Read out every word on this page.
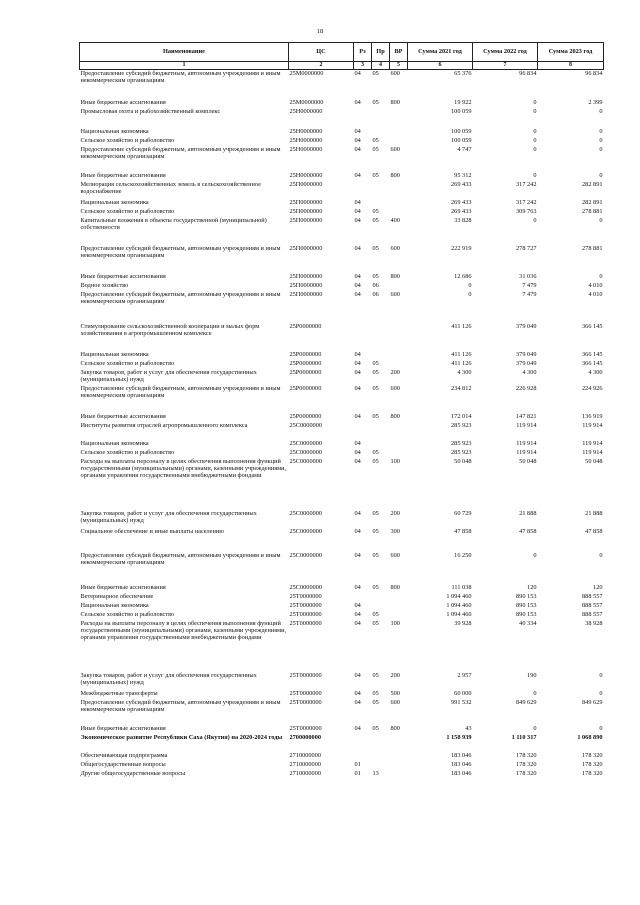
18
Наименование	ЦС	Рз	Пр	ВР	Сумма 2021 год	Сумма 2022 год	Сумма 2023 год
1	2	3	4	5	6	7	8
Предоставление субсидий бюджетным, автономным учреждениям и иным некоммерческим организациям	25М0000000	04	05	600	65 376	96 834	96 834
Иные бюджетные ассигнования	25М0000000	04	05	800	19 922	0	2 399
Промысловая охота и рыбохозяйственный комплекс	25Н0000000				100 059	0	0
Национальная экономика	25Н0000000	04			100 059	0	0
Сельское хозяйство и рыболовство	25Н0000000	04	05		100 059	0	0
Предоставление субсидий бюджетным, автономным учреждениям и иным некоммерческим организациям	25Н0000000	04	05	600	4 747	0	0
Иные бюджетные ассигнования	25Н0000000	04	05	800	95 312	0	0
Мелиорация сельскохозяйственных земель в сельскохозяйственное водоснабжение	25П0000000				269 433	317 242	282 891
Национальная экономика	25П0000000	04			269 433	317 242	282 891
Сельское хозяйство и рыболовство	25П0000000	04	05		269 433	309 763	278 881
Капитальные вложения в объекты государственной (муниципальной) собственности	25П0000000	04	05	400	33 828	0	0
Предоставление субсидий бюджетным, автономным учреждениям и иным некоммерческим организациям	25П0000000	04	05	600	222 919	278 727	278 881
Иные бюджетные ассигнования	25П0000000	04	05	800	12 686	31 036	0
Водное хозяйство	25П0000000	04	06		0	7 479	4 010
Предоставление субсидий бюджетным, автономным учреждениям и иным некоммерческим организациям	25П0000000	04	06	600	0	7 479	4 010
Стимулирование сельскохозяйственной кооперации и малых форм хозяйствования в агропромышленном комплексе	25Р0000000				411 126	379 049	366 145
Национальная экономика	25Р0000000	04			411 126	379 049	366 145
Сельское хозяйство и рыболовство	25Р0000000	04	05		411 126	379 049	366 145
Закупка товаров, работ и услуг для обеспечения государственных (муниципальных) нужд	25Р0000000	04	05	200	4 300	4 300	4 300
Предоставление субсидий бюджетным, автономным учреждениям и иным некоммерческим организациям	25Р0000000	04	05	600	234 812	226 928	224 926
Иные бюджетные ассигнования	25Р0000000	04	05	800	172 014	147 821	136 919
Институты развития отраслей агропромышленного комплекса	25С0000000				285 923	119 914	119 914
Национальная экономика	25С0000000	04			285 923	119 914	119 914
Сельское хозяйство и рыболовство	25С0000000	04	05		285 923	119 914	119 914
Расходы на выплаты персоналу в целях обеспечения выполнения функций государственными (муниципальными) органами, казенными учреждениями, органами управления государственными внебюджетными фондами	25С0000000	04	05	100	50 048	50 048	50 048
Закупка товаров, работ и услуг для обеспечения государственных (муниципальных) нужд	25С0000000	04	05	200	60 729	21 888	21 888
Социальное обеспечение и иные выплаты населению	25С0000000	04	05	300	47 858	47 858	47 858
Предоставление субсидий бюджетным, автономным учреждениям и иным некоммерческим организациям	25С0000000	04	05	600	16 250	0	0
Иные бюджетные ассигнования	25С0000000	04	05	800	111 038	120	120
Ветеринарное обеспечение	25Т0000000				1 094 460	890 153	888 557
Национальная экономика	25Т0000000	04			1 094 460	890 153	888 557
Сельское хозяйство и рыболовство	25Т0000000	04	05		1 094 460	890 153	888 557
Расходы на выплаты персоналу в целях обеспечения выполнения функций государственными (муниципальными) органами, казенными учреждениями, органами управления государственными внебюджетными фондами	25Т0000000	04	05	100	39 928	40 334	38 928
Закупка товаров, работ и услуг для обеспечения государственных (муниципальных) нужд	25Т0000000	04	05	200	2 957	190	0
Межбюджетные трансферты	25Т0000000	04	05	500	60 000	0	0
Предоставление субсидий бюджетным, автономным учреждениям и иным некоммерческим организациям	25Т0000000	04	05	600	991 532	849 629	849 629
Иные бюджетные ассигнования	25Т0000000	04	05	800	43	0	0
Экономическое развитие Республики Саха (Якутия) на 2020-2024 годы	2700000000				1 158 939	1 110 317	1 068 890
Обеспечивающая подпрограмма	2710000000				183 046	178 320	178 320
Общегосударственные вопросы	2710000000	01			183 046	178 320	178 320
Другие общегосударственные вопросы	2710000000	01	13		183 046	178 320	178 320
